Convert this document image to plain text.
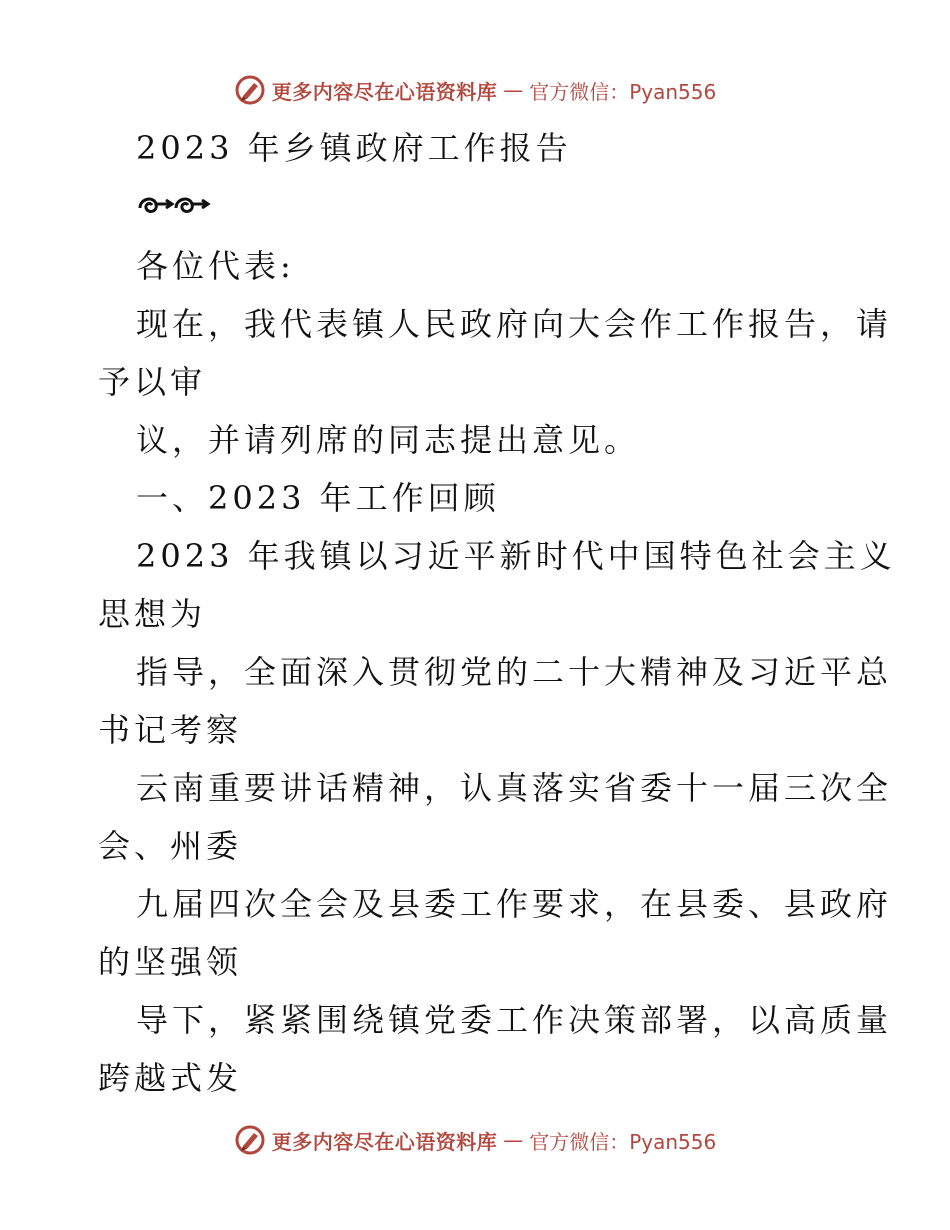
更多内容尽在心语资料库 — 官方微信：Pyan556
2023 年乡镇政府工作报告
各位代表:
现在，我代表镇人民政府向大会作工作报告，请
予以审
议，并请列席的同志提出意见。
一、2023 年工作回顾
2023 年我镇以习近平新时代中国特色社会主义
思想为
指导，全面深入贯彻党的二十大精神及习近平总
书记考察
云南重要讲话精神，认真落实省委十一届三次全
会、州委
九届四次全会及县委工作要求，在县委、县政府
的坚强领
导下，紧紧围绕镇党委工作决策部署，以高质量
跨越式发
更多内容尽在心语资料库 — 官方微信：Pyan556
